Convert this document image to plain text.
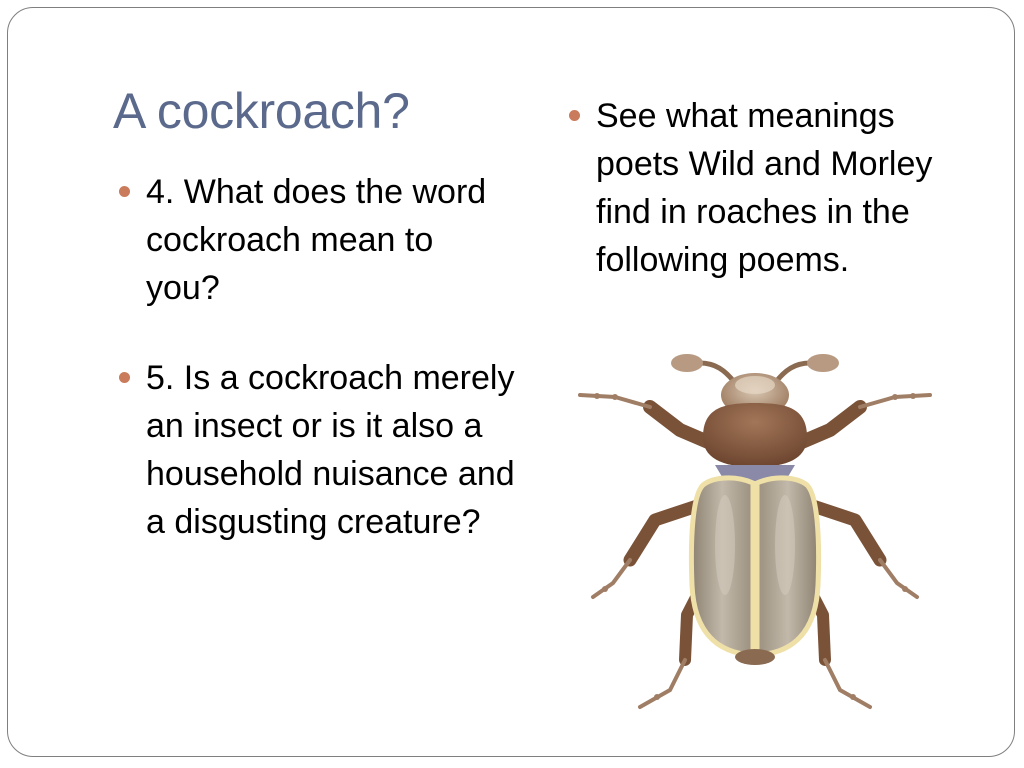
A cockroach?
4. What does the word cockroach mean to you?
5. Is a cockroach merely an insect or is it also a household nuisance and a disgusting creature?
See what meanings poets Wild and Morley find in roaches in the following poems.
